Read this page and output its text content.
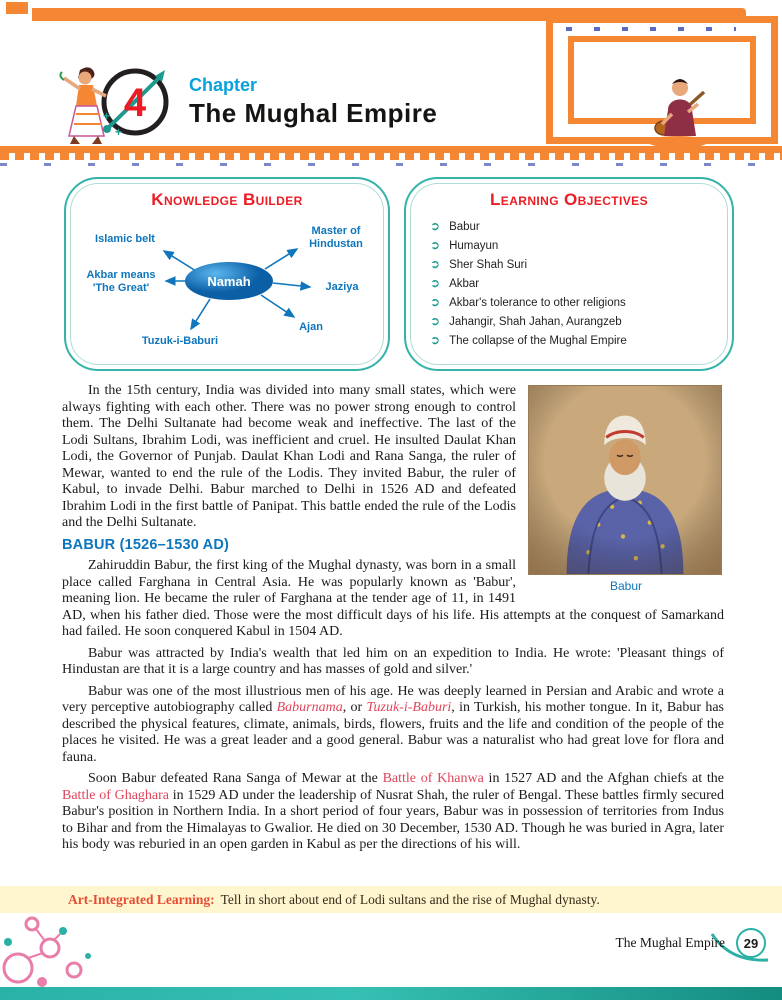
+
+
4 Chapter
The Mughal Empire
Knowledge Builder
Namah
Islamic belt
Master of Hindustan
Akbar means 'The Great'	Jaziya
Ajan
Tuzuk-i-Baburi
Learning Objectives
➲ Babur
➲ Humayun
➲ Sher Shah Suri
➲ Akbar
➲ Akbar's tolerance to other religions
➲ Jahangir, Shah Jahan, Aurangzeb
➲ The collapse of the Mughal Empire
Babur

In the 15th century, India was divided into many small states, which were always fighting with each other. There was no power strong enough to control them. The Delhi Sultanate had become weak and ineffective. The last of the Lodi Sultans, Ibrahim Lodi, was inefficient and cruel. He insulted Daulat Khan Lodi, the Governor of Punjab. Daulat Khan Lodi and Rana Sanga, the ruler of Mewar, wanted to end the rule of the Lodis. They invited Babur, the ruler of Kabul, to invade Delhi. Babur marched to Delhi in 1526 AD and defeated Ibrahim Lodi in the first battle of Panipat. This battle ended the rule of the Lodis and the Delhi Sultanate.

BABUR (1526–1530 AD)

Zahiruddin Babur, the first king of the Mughal dynasty, was born in a small place called Farghana in Central Asia. He was popularly known as 'Babur', meaning lion. He became the ruler of Farghana at the tender age of 11, in 1491 AD, when his father died. Those were the most difficult days of his life. His attempts at the conquest of Samarkand had failed. He soon conquered Kabul in 1504 AD.

Babur was attracted by India's wealth that led him on an expedition to India. He wrote: 'Pleasant things of Hindustan are that it is a large country and has masses of gold and silver.'

Babur was one of the most illustrious men of his age. He was deeply learned in Persian and Arabic and wrote a very perceptive autobiography called Baburnama, or Tuzuk-i-Baburi, in Turkish, his mother tongue. In it, Babur has described the physical features, climate, animals, birds, flowers, fruits and the life and condition of the people of the places he visited. He was a great leader and a good general. Babur was a naturalist who had great love for flora and fauna.

Soon Babur defeated Rana Sanga of Mewar at the Battle of Khanwa in 1527 AD and the Afghan chiefs at the Battle of Ghaghara in 1529 AD under the leadership of Nusrat Shah, the ruler of Bengal. These battles firmly secured Babur's position in Northern India. In a short period of four years, Babur was in possession of territories from Indus to Bihar and from the Himalayas to Gwalior. He died on 30 December, 1530 AD. Though he was buried in Agra, later his body was reburied in an open garden in Kabul as per the directions of his will.

Art-Integrated Learning: Tell in short about end of Lodi sultans and the rise of Mughal dynasty.
The Mughal Empire	29
